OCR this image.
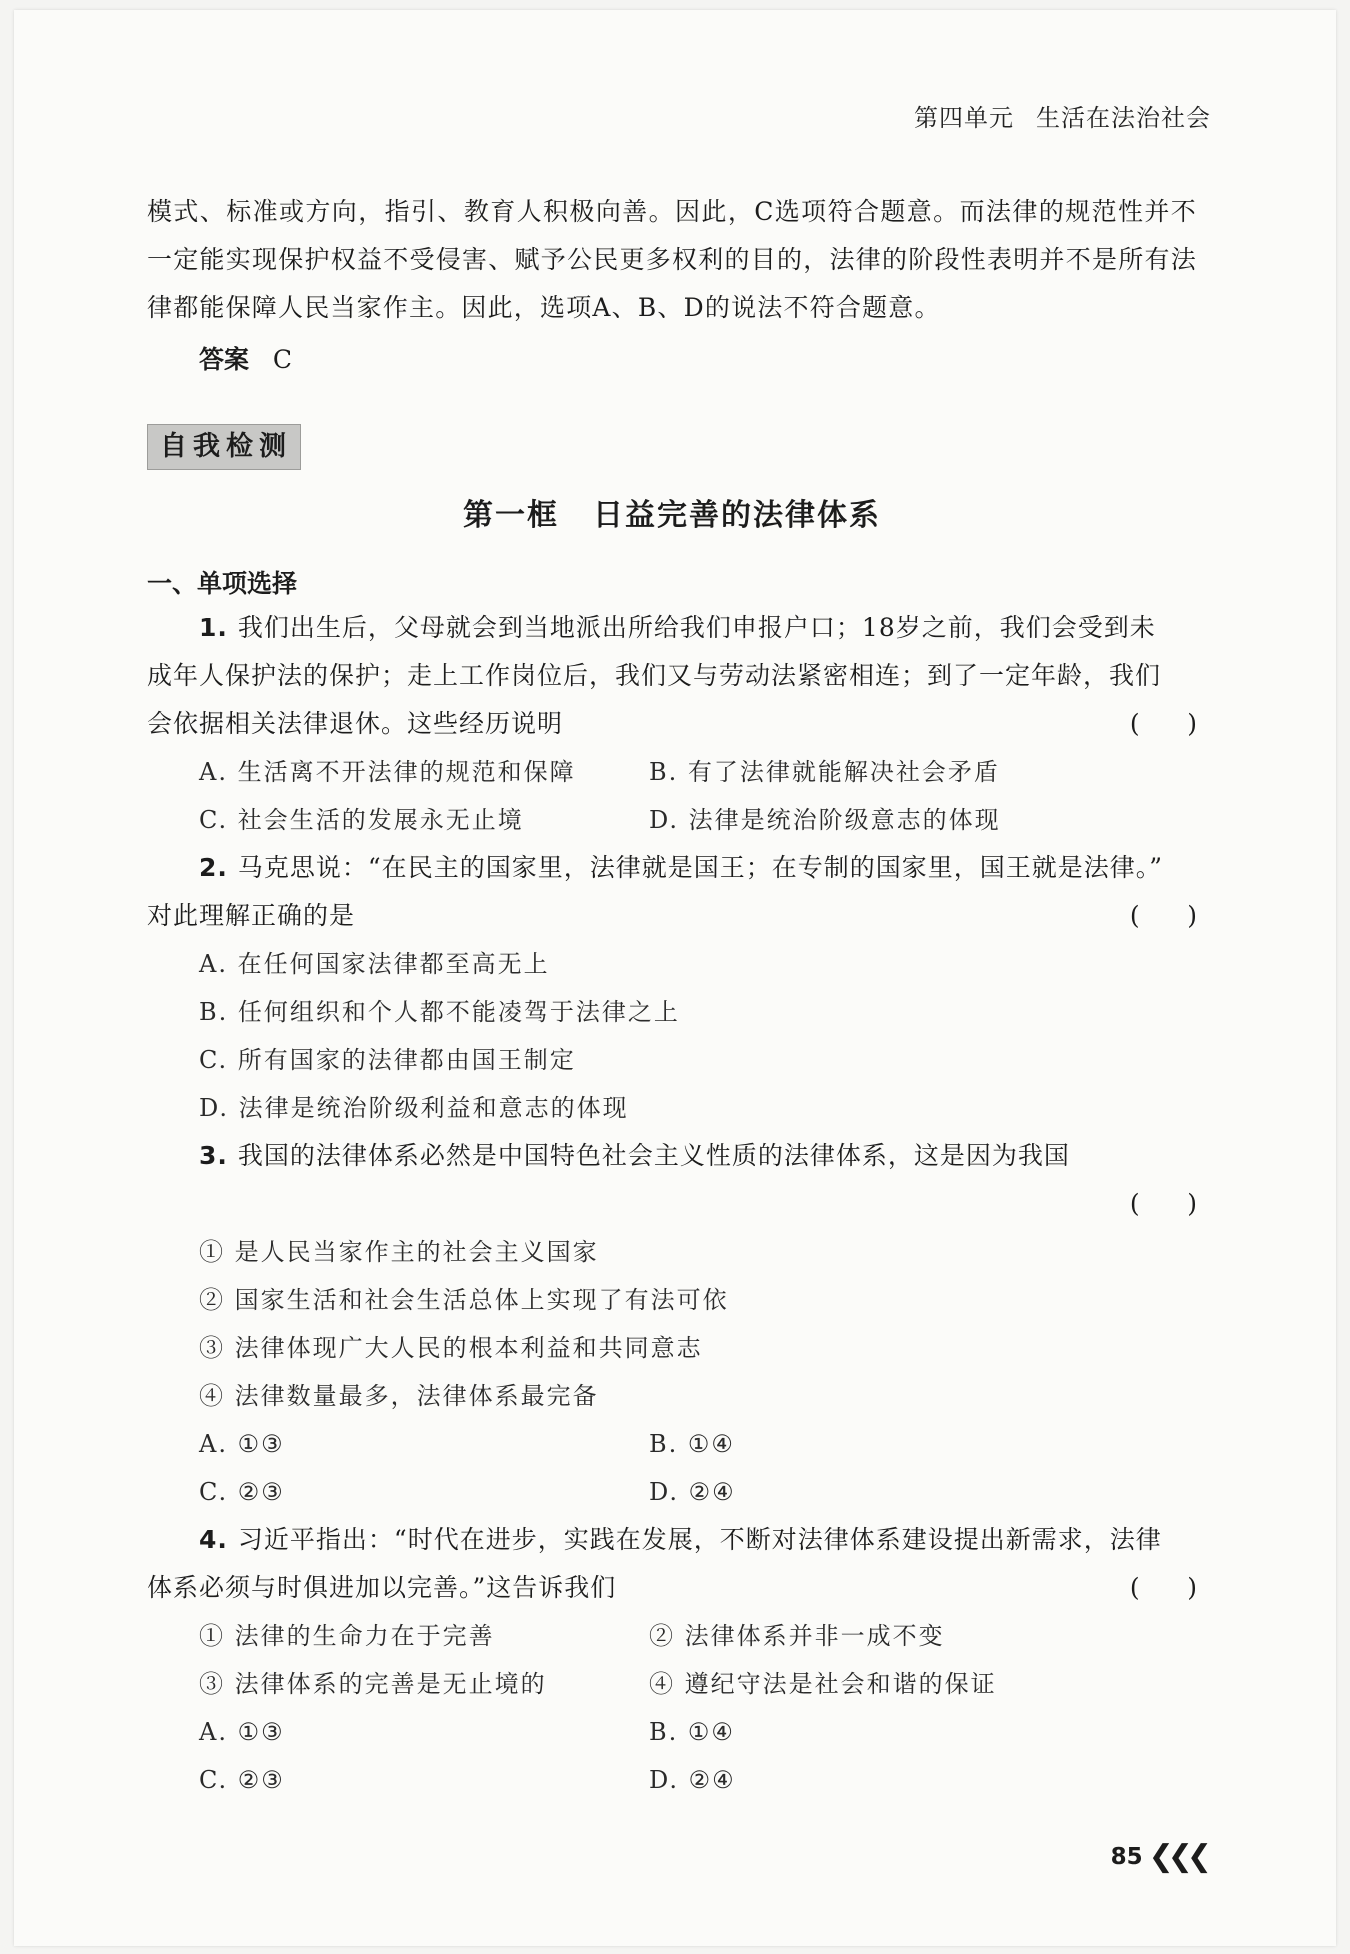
第四单元 生活在法治社会

模式、标准或方向，指引、教育人积极向善。因此，C选项符合题意。而法律的规范性并不一定能实现保护权益不受侵害、赋予公民更多权利的目的，法律的阶段性表明并不是所有法律都能保障人民当家作主。因此，选项A、B、D的说法不符合题意。

答案 C

自我检测
第一框 日益完善的法律体系
一、单项选择

1. 我们出生后，父母就会到当地派出所给我们申报户口；18岁之前，我们会受到未

成年人保护法的保护；走上工作岗位后，我们又与劳动法紧密相连；到了一定年龄，我们

会依据相关法律退休。这些经历说明	(      )
A. 生活离不开法律的规范和保障	B. 有了法律就能解决社会矛盾
C. 社会生活的发展永无止境	D. 法律是统治阶级意志的体现

2. 马克思说：“在民主的国家里，法律就是国王；在专制的国家里，国王就是法律。”

对此理解正确的是	(      )
A. 在任何国家法律都至高无上
B. 任何组织和个人都不能凌驾于法律之上
C. 所有国家的法律都由国王制定
D. 法律是统治阶级利益和意志的体现

3. 我国的法律体系必然是中国特色社会主义性质的法律体系，这是因为我国

(      )
① 是人民当家作主的社会主义国家
② 国家生活和社会生活总体上实现了有法可依
③ 法律体现广大人民的根本利益和共同意志
④ 法律数量最多，法律体系最完备
A. ①③	B. ①④
C. ②③	D. ②④

4. 习近平指出：“时代在进步，实践在发展，不断对法律体系建设提出新需求，法律

体系必须与时俱进加以完善。”这告诉我们	(      )
① 法律的生命力在于完善	② 法律体系并非一成不变
③ 法律体系的完善是无止境的	④ 遵纪守法是社会和谐的保证
A. ①③	B. ①④
C. ②③	D. ②④
85 ❮❮❮
